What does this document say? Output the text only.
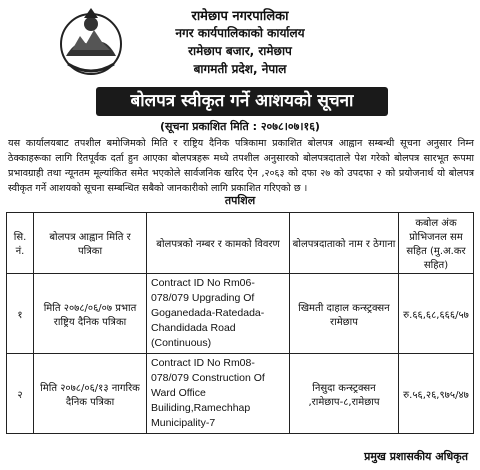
रामेछाप नगरपालिका
नगर कार्यपालिकाको कार्यालय
रामेछाप बजार, रामेछाप
बागमती प्रदेश, नेपाल
बोलपत्र स्वीकृत गर्ने आशयको सूचना
(सूचना प्रकाशित मिति : २०७८।०७।१६)
यस कार्यालयबाट तपशील बमोजिमको मिति र राष्ट्रिय दैनिक पत्रिकामा प्रकाशित बोलपत्र आह्वान सम्बन्धी सूचना अनुसार निम्न ठेक्काहरूका लागि रितपूर्वक दर्ता हुन आएका बोलपत्रहरू मध्ये तपशील अनुसारको बोलपत्रदाताले पेश गरेको बोलपत्र सारभूत रूपमा प्रभावग्राही तथा न्यूनतम मूल्यांकित समेत भएकोले सार्वजनिक खरिद ऐन ,२०६३ को दफा २७ को उपदफा २ को प्रयोजनार्थ यो बोलपत्र स्वीकृत गर्ने आशयको सूचना सम्बन्धित सबैको जानकारीको लागि प्रकाशित गरिएको छ ।
तपशिल
सि. नं.	बोलपत्र आह्वान मिति र पत्रिका	बोलपत्रको नम्बर र कामको विवरण	बोलपत्रदाताको नाम र ठेगाना	कबोल अंक प्रोभिजनल सम सहित (मु.अ.कर सहित)
१	मिति २०७८/०६/०७ प्रभात राष्ट्रिय दैनिक पत्रिका	Contract ID No Rm06-078/079 Upgrading Of Goganedada-Ratedada-Chandidada Road (Continuous)	खिमती दाहाल कन्स्ट्रक्सन रामेछाप	रु.६६,६८,६६६/५७
२	मिति २०७८/०६/१३ नागरिक दैनिक पत्रिका	Contract ID No Rm08-078/079 Construction Of Ward Office Builiding,Ramechhap Municipality-7	निसुदा कन्स्ट्रक्सन ,रामेछाप-८,रामेछाप	रु.५६,२६,९७५/४७
प्रमुख प्रशासकीय अधिकृत
